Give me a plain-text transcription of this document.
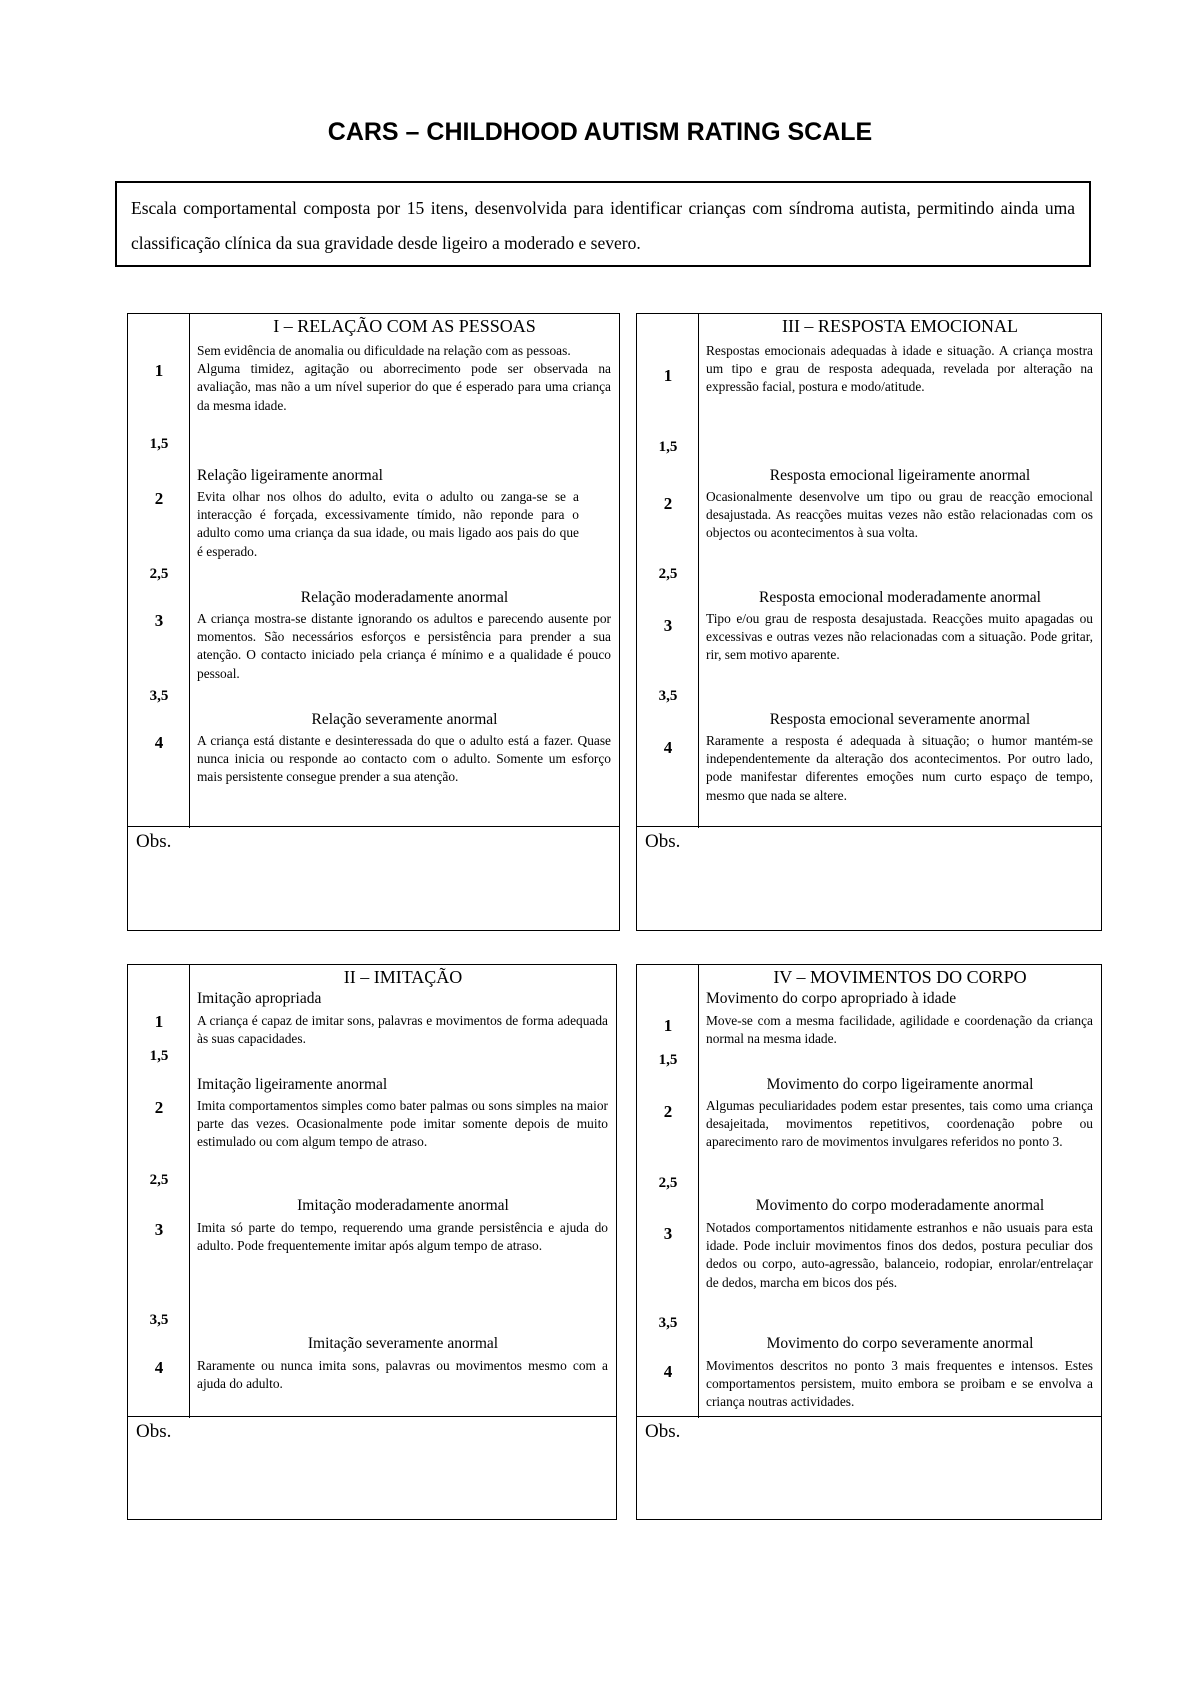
CARS – CHILDHOOD AUTISM RATING SCALE
Escala comportamental composta por 15 itens, desenvolvida para identificar crianças com síndroma autista, permitindo ainda uma classificação clínica da sua gravidade desde ligeiro a moderado e severo.
I – RELAÇÃO COM AS PESSOAS
1
Sem evidência de anomalia ou dificuldade na relação com as pessoas.
Alguma timidez, agitação ou aborrecimento pode ser observada na avaliação, mas não a um nível superior do que é esperado para uma criança da mesma idade.
1,5
Relação ligeiramente anormal
2	Evita olhar nos olhos do adulto, evita o adulto ou zanga-se se a interacção é forçada, excessivamente tímido, não reponde para o adulto como uma criança da sua idade, ou mais ligado aos pais do que é esperado.
2,5
Relação moderadamente anormal
3	A criança mostra-se distante ignorando os adultos e parecendo ausente por momentos. São necessários esforços e persistência para prender a sua atenção. O contacto iniciado pela criança é mínimo e a qualidade é pouco pessoal.
3,5
Relação severamente anormal
4	A criança está distante e desinteressada do que o adulto está a fazer. Quase nunca inicia ou responde ao contacto com o adulto. Somente um esforço mais persistente consegue prender a sua atenção.
Obs.
III – RESPOSTA EMOCIONAL
1
Respostas emocionais adequadas à idade e situação. A criança mostra um tipo e grau de resposta adequada, revelada por alteração na expressão facial, postura e modo/atitude.
1,5
Resposta emocional ligeiramente anormal
2	Ocasionalmente desenvolve um tipo ou grau de reacção emocional desajustada. As reacções muitas vezes não estão relacionadas com os objectos ou acontecimentos à sua volta.
2,5
Resposta emocional moderadamente anormal
3	Tipo e/ou grau de resposta desajustada. Reacções muito apagadas ou excessivas e outras vezes não relacionadas com a situação. Pode gritar, rir, sem motivo aparente.
3,5
Resposta emocional severamente anormal
4	Raramente a resposta é adequada à situação; o humor mantém-se independentemente da alteração dos acontecimentos. Por outro lado, pode manifestar diferentes emoções num curto espaço de tempo, mesmo que nada se altere.
Obs.
II – IMITAÇÃO
Imitação apropriada
1	A criança é capaz de imitar sons, palavras e movimentos de forma adequada às suas capacidades.
1,5
Imitação ligeiramente anormal
2	Imita comportamentos simples como bater palmas ou sons simples na maior parte das vezes. Ocasionalmente pode imitar somente depois de muito estimulado ou com algum tempo de atraso.
2,5
Imitação moderadamente anormal
3	Imita só parte do tempo, requerendo uma grande persistência e ajuda do adulto. Pode frequentemente imitar após algum tempo de atraso.
3,5
Imitação severamente anormal
4	Raramente ou nunca imita sons, palavras ou movimentos mesmo com a ajuda do adulto.
Obs.
IV – MOVIMENTOS DO CORPO
Movimento do corpo apropriado à idade
1	Move-se com a mesma facilidade, agilidade e coordenação da criança normal na mesma idade.
1,5
Movimento do corpo ligeiramente anormal
2	Algumas peculiaridades podem estar presentes, tais como uma criança desajeitada, movimentos repetitivos, coordenação pobre ou aparecimento raro de movimentos invulgares referidos no ponto 3.
2,5
Movimento do corpo moderadamente anormal
3	Notados comportamentos nitidamente estranhos e não usuais para esta idade. Pode incluir movimentos finos dos dedos, postura peculiar dos dedos ou corpo, auto-agressão, balanceio, rodopiar, enrolar/entrelaçar de dedos, marcha em bicos dos pés.
3,5
Movimento do corpo severamente anormal
4	Movimentos descritos no ponto 3 mais frequentes e intensos. Estes comportamentos persistem, muito embora se proibam e se envolva a criança noutras actividades.
Obs.
